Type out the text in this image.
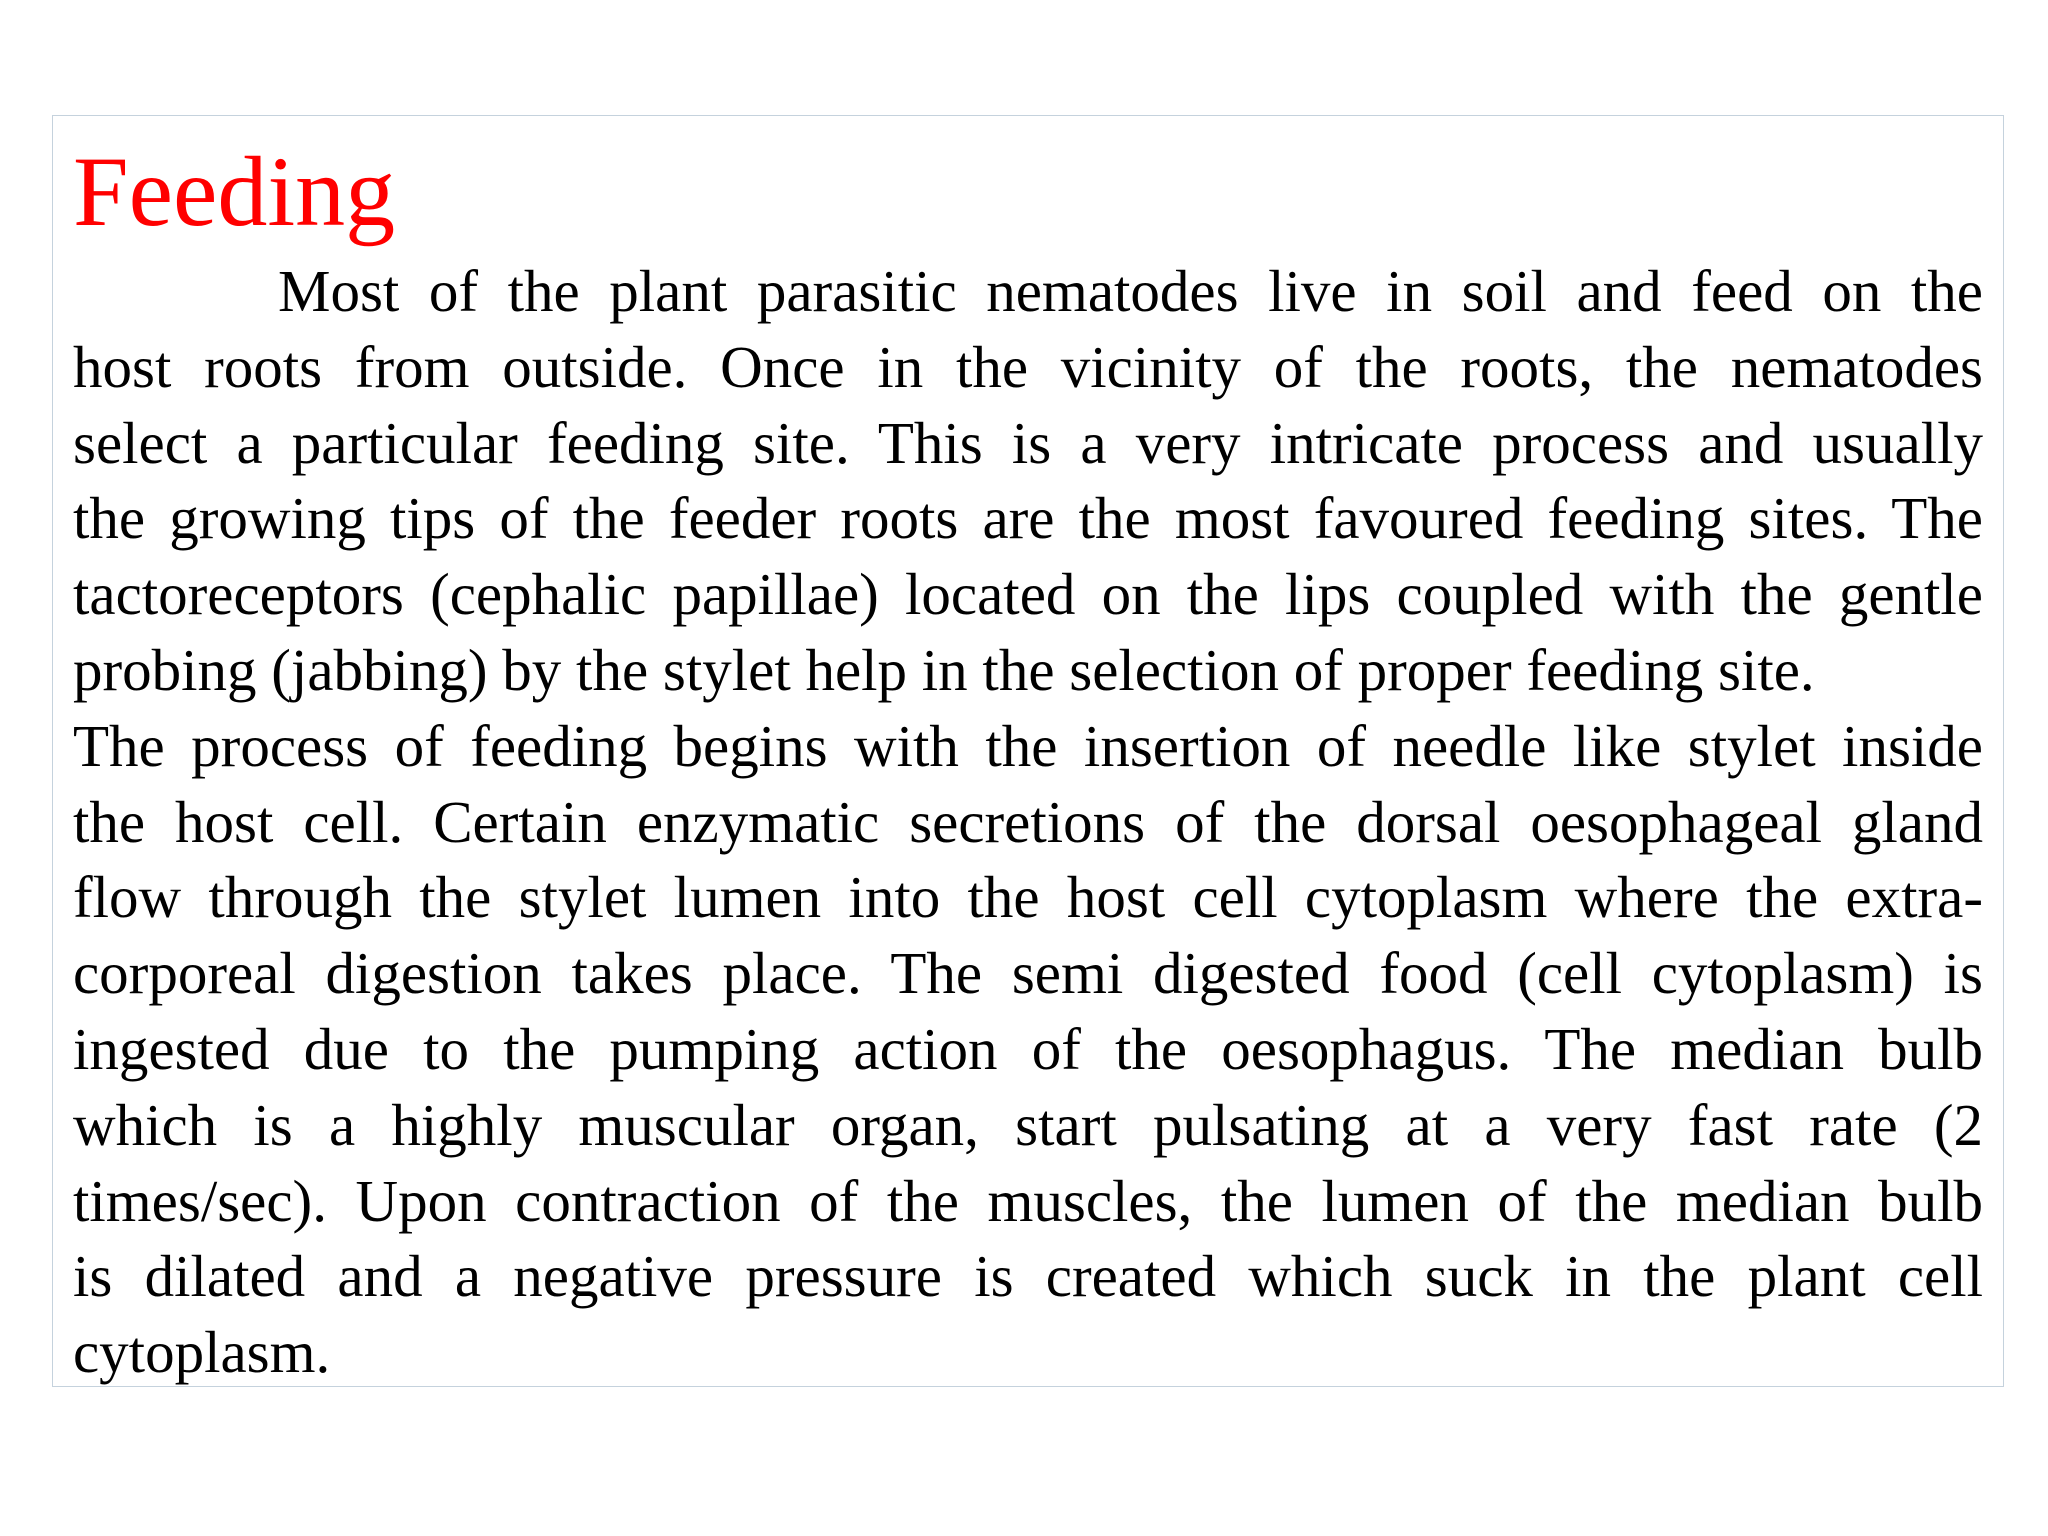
Feeding
Most of the plant parasitic nematodes live in soil and feed on the
host roots from outside. Once in the vicinity of the roots, the nematodes
select a particular feeding site. This is a very intricate process and usually
the growing tips of the feeder roots are the most favoured feeding sites. The
tactoreceptors (cephalic papillae) located on the lips coupled with the gentle
probing (jabbing) by the stylet help in the selection of proper feeding site.
The process of feeding begins with the insertion of needle like stylet inside
the host cell. Certain enzymatic secretions of the dorsal oesophageal gland
flow through the stylet lumen into the host cell cytoplasm where the extra-
corporeal digestion takes place. The semi digested food (cell cytoplasm) is
ingested due to the pumping action of the oesophagus. The median bulb
which is a highly muscular organ, start pulsating at a very fast rate (2
times/sec). Upon contraction of the muscles, the lumen of the median bulb
is dilated and a negative pressure is created which suck in the plant cell
cytoplasm.
